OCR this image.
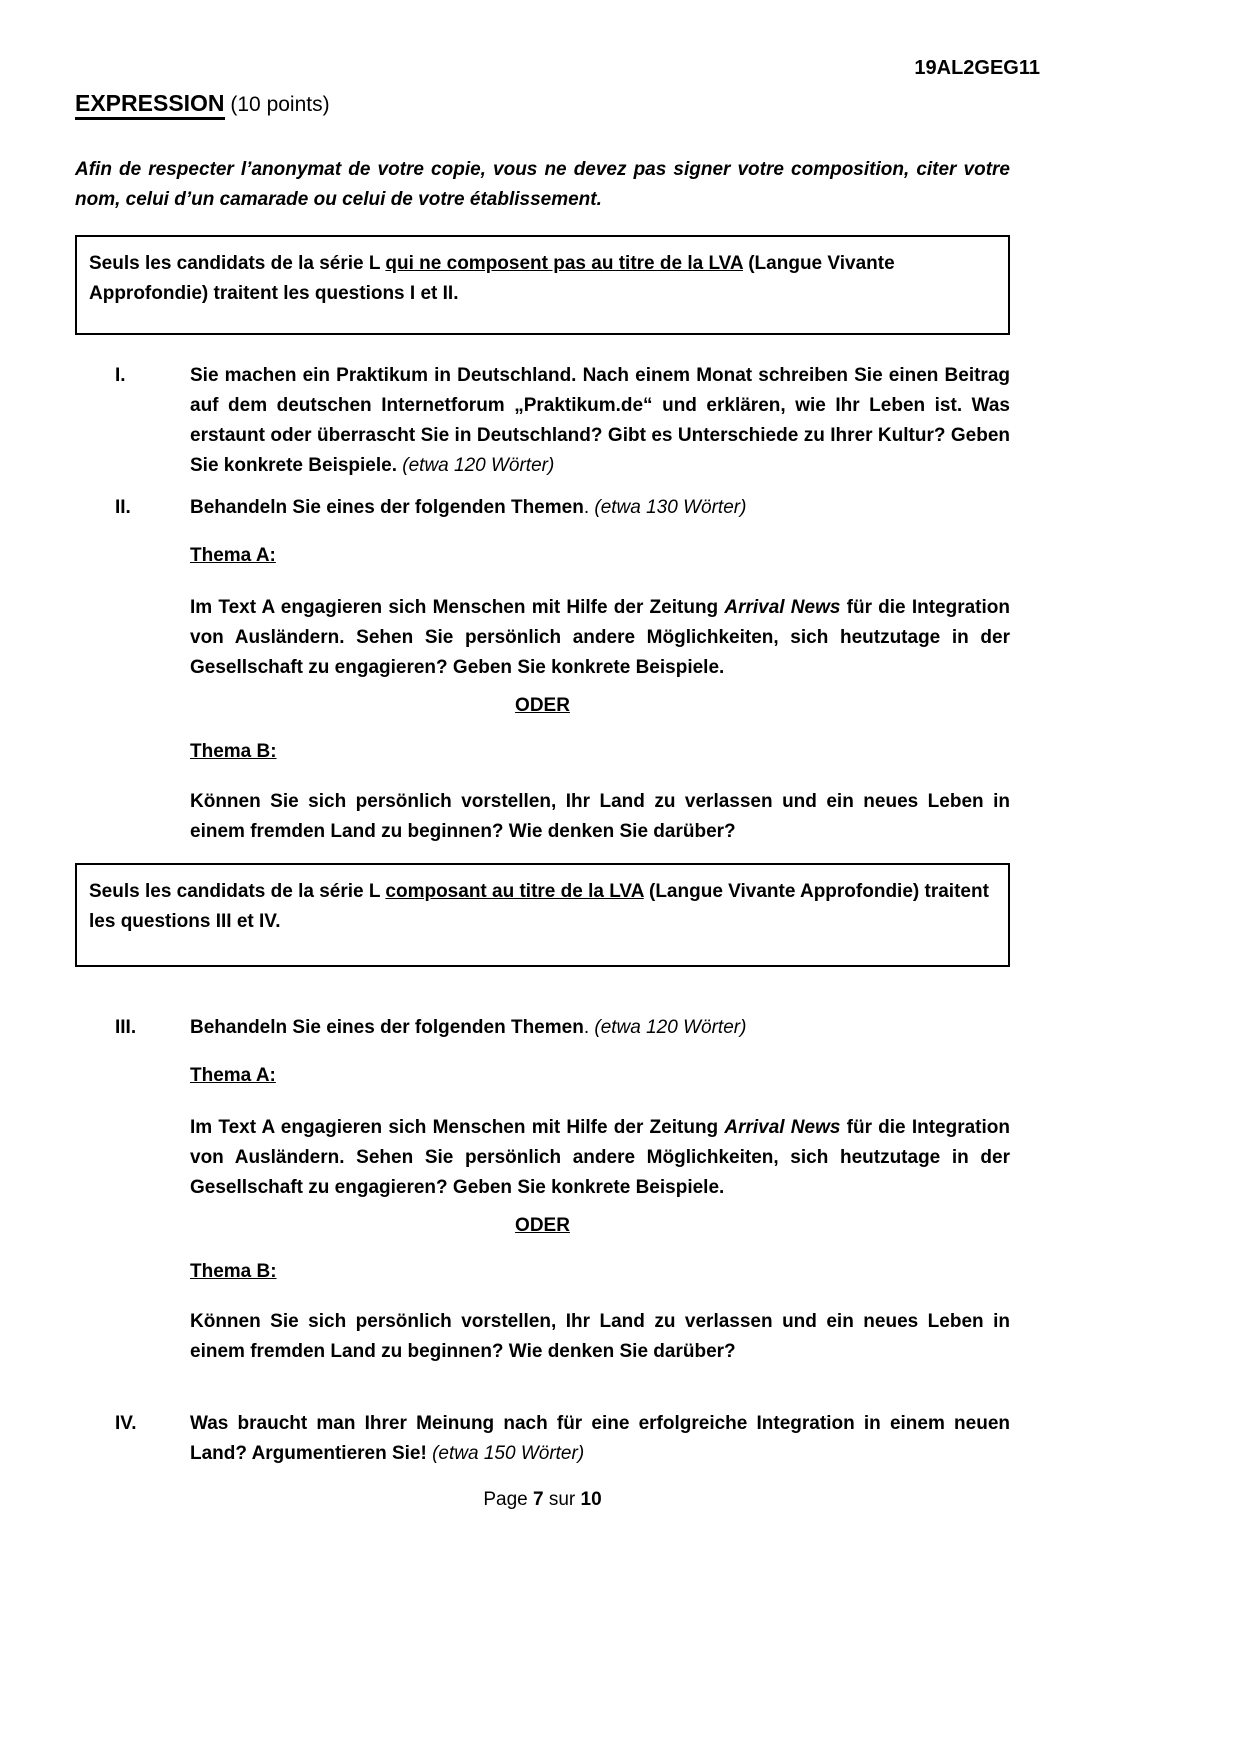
19AL2GEG11
EXPRESSION (10 points)

Afin de respecter l’anonymat de votre copie, vous ne devez pas signer votre composition, citer votre nom, celui d’un camarade ou celui de votre établissement.

Seuls les candidats de la série L qui ne composent pas au titre de la LVA (Langue Vivante Approfondie) traitent les questions I et II.
I.	Sie machen ein Praktikum in Deutschland. Nach einem Monat schreiben Sie einen Beitrag auf dem deutschen Internetforum „Praktikum.de“ und erklären, wie Ihr Leben ist. Was erstaunt oder überrascht Sie in Deutschland? Gibt es Unterschiede zu Ihrer Kultur? Geben Sie konkrete Beispiele. (etwa 120 Wörter)
II.	Behandeln Sie eines der folgenden Themen. (etwa 130 Wörter)
Thema A:

Im Text A engagieren sich Menschen mit Hilfe der Zeitung Arrival News für die Integration von Ausländern. Sehen Sie persönlich andere Möglichkeiten, sich heutzutage in der Gesellschaft zu engagieren? Geben Sie konkrete Beispiele.

ODER
Thema B:

Können Sie sich persönlich vorstellen, Ihr Land zu verlassen und ein neues Leben in einem fremden Land zu beginnen? Wie denken Sie darüber?

Seuls les candidats de la série L composant au titre de la LVA (Langue Vivante Approfondie) traitent les questions III et IV.
III.	Behandeln Sie eines der folgenden Themen. (etwa 120 Wörter)
Thema A:

Im Text A engagieren sich Menschen mit Hilfe der Zeitung Arrival News für die Integration von Ausländern. Sehen Sie persönlich andere Möglichkeiten, sich heutzutage in der Gesellschaft zu engagieren? Geben Sie konkrete Beispiele.

ODER
Thema B:

Können Sie sich persönlich vorstellen, Ihr Land zu verlassen und ein neues Leben in einem fremden Land zu beginnen? Wie denken Sie darüber?

IV.	Was braucht man Ihrer Meinung nach für eine erfolgreiche Integration in einem neuen Land? Argumentieren Sie! (etwa 150 Wörter)
Page 7 sur 10
